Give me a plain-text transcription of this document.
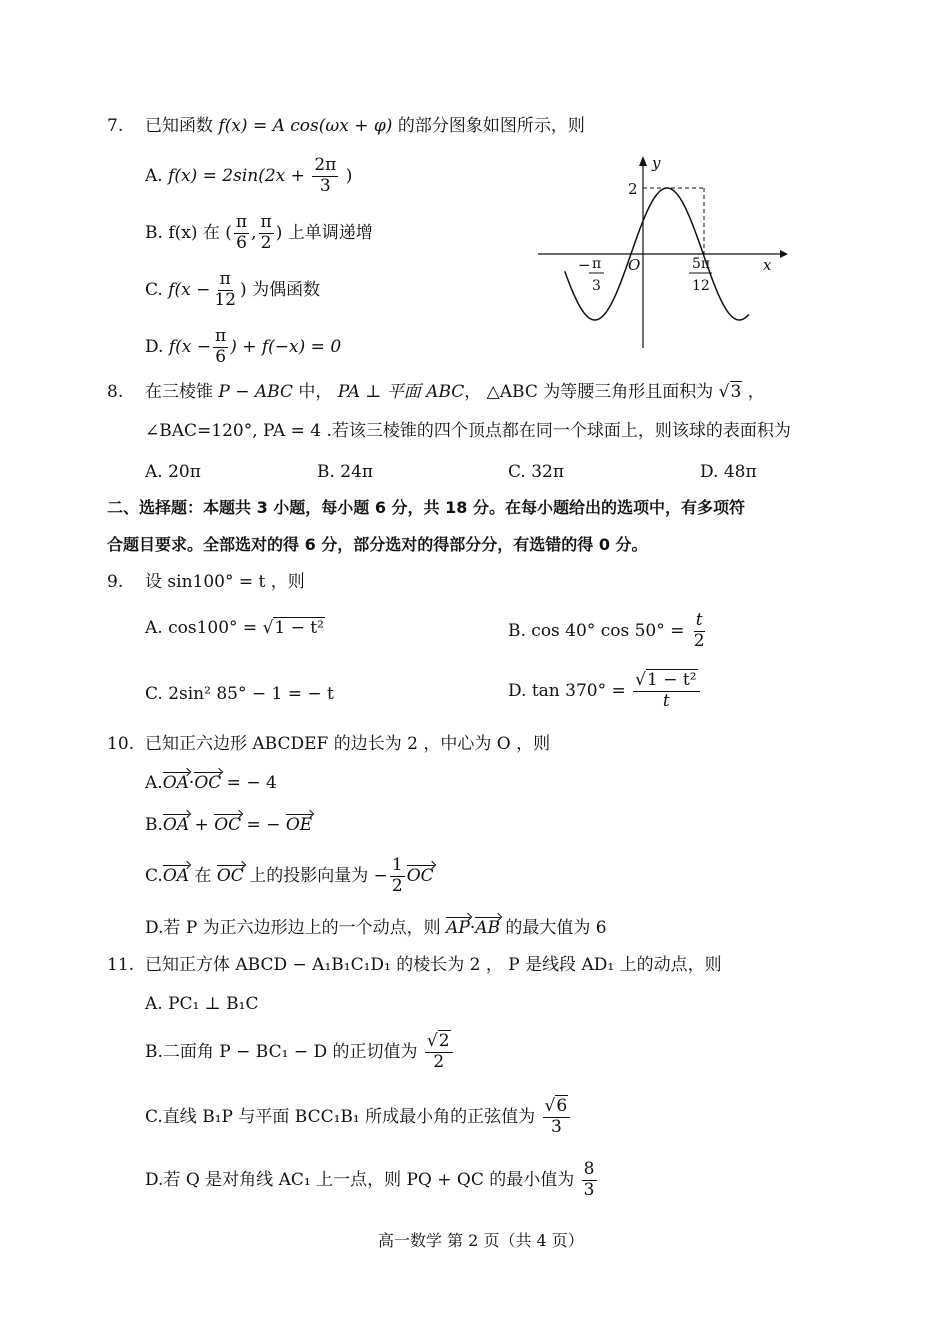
7. 已知函数 f(x) = A cos(ωx + φ) 的部分图象如图所示，则
A. $f(x) = 2\sin(2x + \frac{2\pi}{3}$ )
B. f(x) 在 ( $\frac{\pi}{6}$ , $\frac{\pi}{2}$ ) 上单调递增
C. $f(x - \frac{\pi}{12}$ ) 为偶函数
D. $f(x - \frac{\pi}{6}$ ) + f(−x) = 0
y
x
O
2
− π
3
5π
12
8. 在三棱锥 P − ABC 中， PA ⊥ 平面 ABC， △ABC 为等腰三角形且面积为 √3 ，
∠BAC=120°, PA = 4 .若该三棱锥的四个顶点都在同一个球面上，则该球的表面积为
A. 20π	B. 24π	C. 32π	D. 48π
二、选择题：本题共 3 小题，每小题 6 分，共 18 分。在每小题给出的选项中，有多项符
合题目要求。全部选对的得 6 分，部分选对的得部分分，有选错的得 0 分。
9. 设 sin100° = t ，则
A. cos100° = √1 − t²	B. cos 40° $\cos 50^\circ = \frac{t}{2}$
C. 2sin² 85° − 1 = − t	D. $\tan 370^\circ = \frac{\text{√1 − t²}}{t}$
10. 已知正六边形 ABCDEF 的边长为 2 ，中心为 O ，则
A.OA·OC = − 4
B.OA + OC = − OE
C.OA 在 OC 上的投影向量为 − $\frac{1}{2}$ OC
D.若 P 为正六边形边上的一个动点，则 AP·AB 的最大值为 6
11. 已知正方体 ABCD − A₁B₁C₁D₁ 的棱长为 2 ， P 是线段 AD₁ 上的动点，则
A. PC₁ ⊥ B₁C
B.二面角 P − BC₁ − D 的正切值为 $\frac{√2}{2}$
C.直线 B₁P 与平面 BCC₁B₁ 所成最小角的正弦值为 $\frac{√6}{3}$
D.若 Q 是对角线 AC₁ 上一点，则 PQ + QC 的最小值为 $\frac{8}{3}$
高一数学 第 2 页（共 4 页）
